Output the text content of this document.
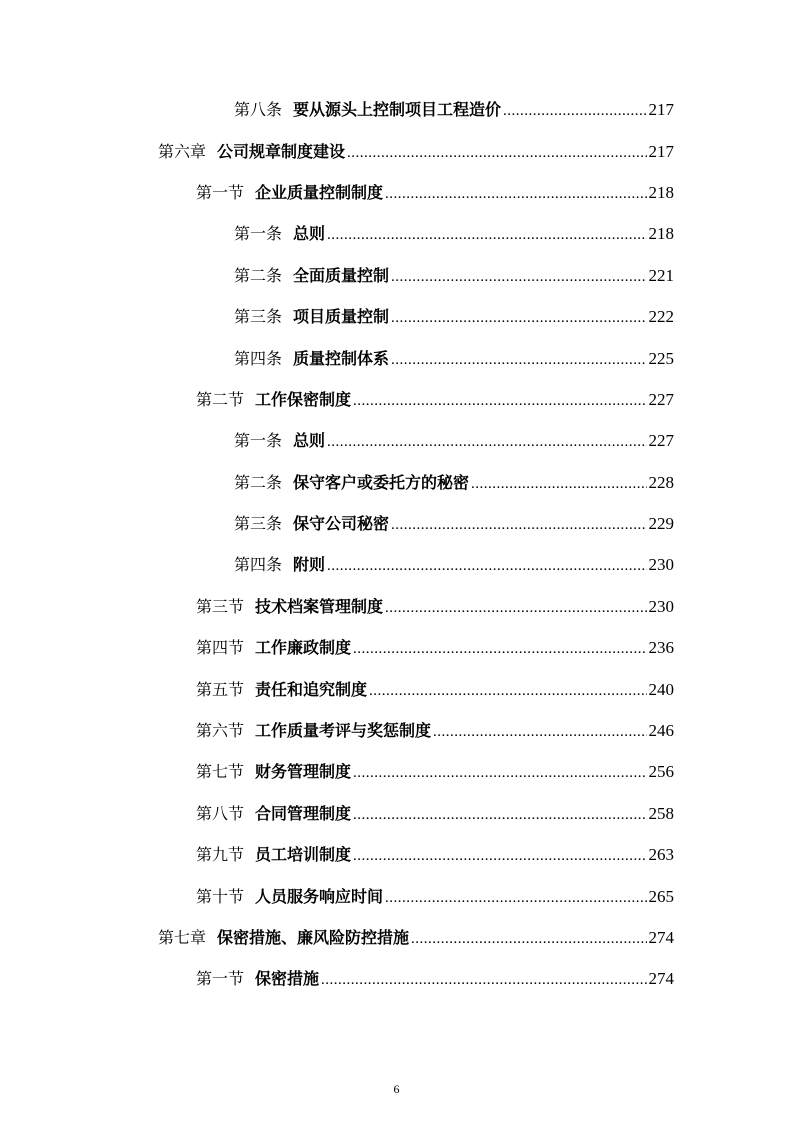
第八条 要从源头上控制项目工程造价 .....	217
第六章 公司规章制度建设 .....	217
第一节 企业质量控制制度 .....	218
第一条 总则 .....	218
第二条 全面质量控制 .....	221
第三条 项目质量控制 .....	222
第四条 质量控制体系 .....	225
第二节 工作保密制度 .....	227
第一条 总则 .....	227
第二条 保守客户或委托方的秘密 .....	228
第三条 保守公司秘密 .....	229
第四条 附则 .....	230
第三节 技术档案管理制度 .....	230
第四节 工作廉政制度 .....	236
第五节 责任和追究制度 .....	240
第六节 工作质量考评与奖惩制度 .....	246
第七节 财务管理制度 .....	256
第八节 合同管理制度 .....	258
第九节 员工培训制度 .....	263
第十节 人员服务响应时间 .....	265
第七章 保密措施、廉风险防控措施 .....	274
第一节 保密措施 .....	274
6
